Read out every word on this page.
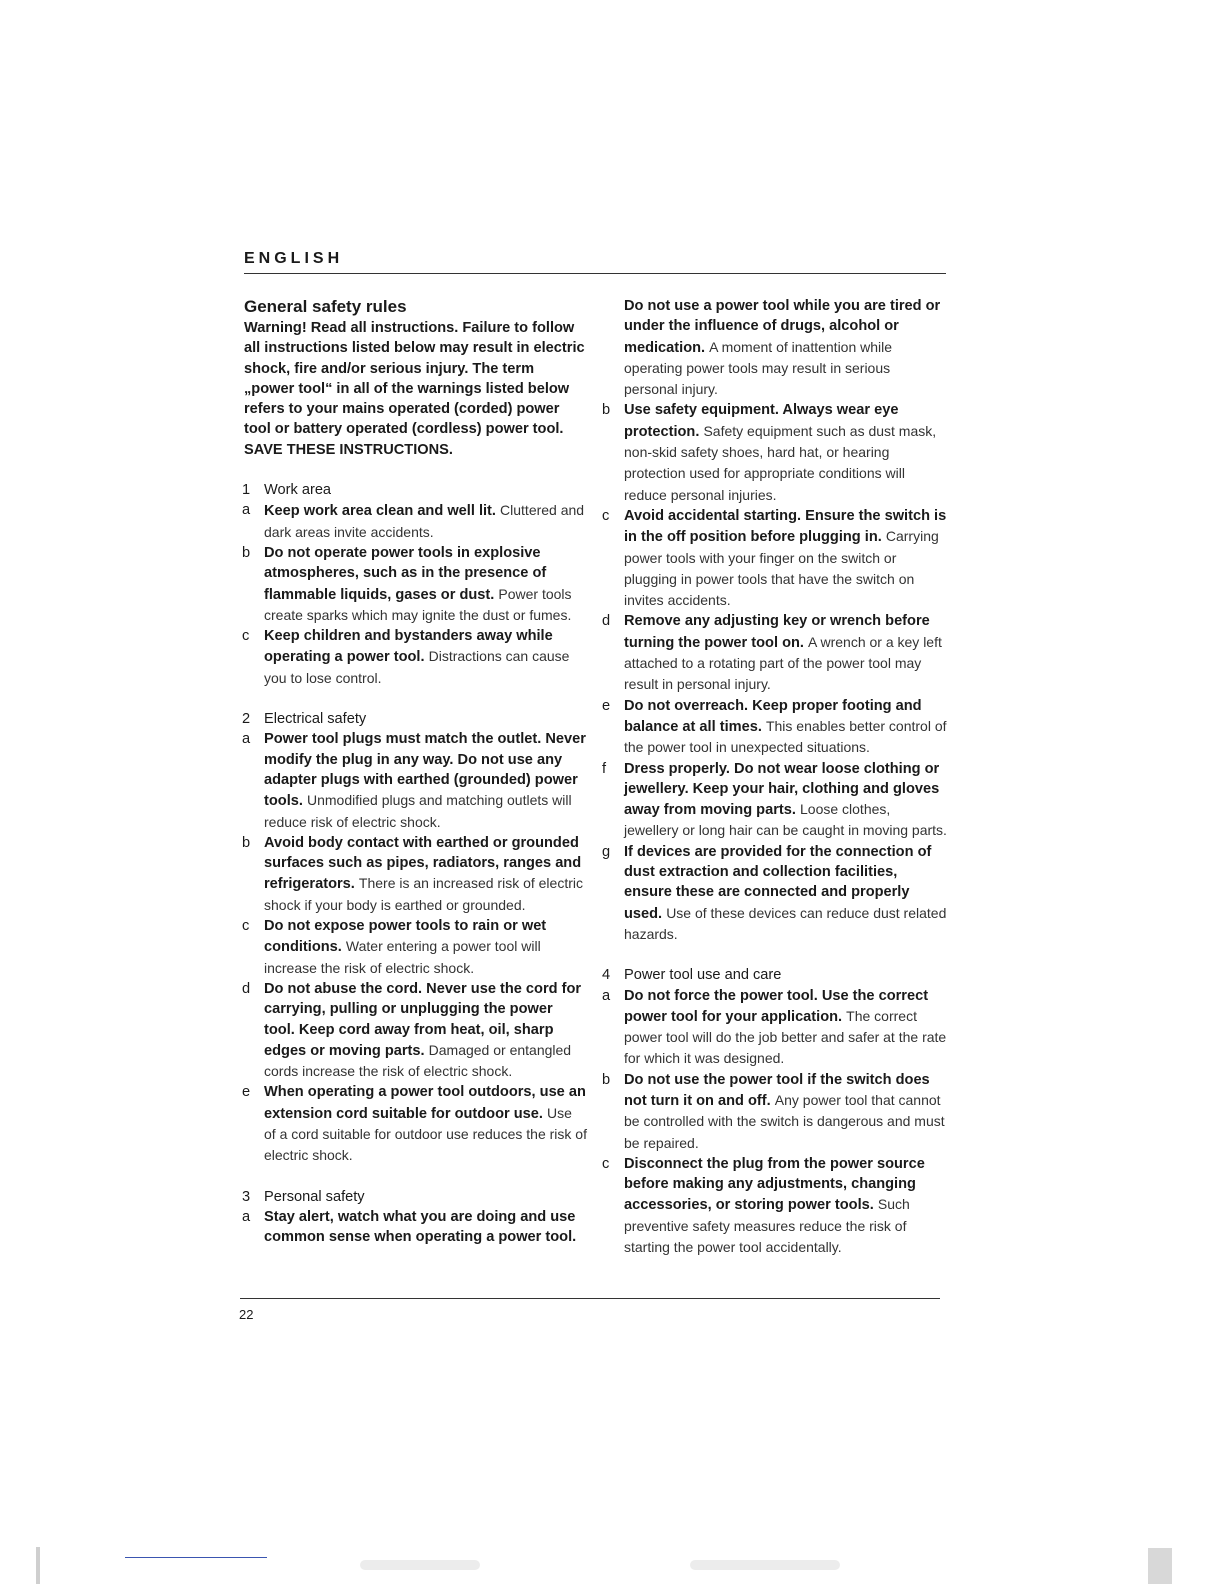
ENGLISH
General safety rules
Warning! Read all instructions. Failure to follow all instructions listed below may result in electric shock, fire and/or serious injury. The term „power tool“ in all of the warnings listed below refers to your mains operated (corded) power tool or battery operated (cordless) power tool.
SAVE THESE INSTRUCTIONS.
1 Work area
a Keep work area clean and well lit. Cluttered and dark areas invite accidents.
b Do not operate power tools in explosive atmospheres, such as in the presence of flammable liquids, gases or dust. Power tools create sparks which may ignite the dust or fumes.
c	Keep children and bystanders away while operating a power tool. Distractions can cause you to lose control.
2 Electrical safety
a Power tool plugs must match the outlet. Never modify the plug in any way. Do not use any adapter plugs with earthed (grounded) power tools. Unmodified plugs and matching outlets will reduce risk of electric shock.
b Avoid body contact with earthed or grounded surfaces such as pipes, radiators, ranges and refrigerators. There is an increased risk of electric shock if your body is earthed or grounded.
c	Do not expose power tools to rain or wet conditions. Water entering a power tool will increase the risk of electric shock.
d Do not abuse the cord. Never use the cord for carrying, pulling or unplugging the power tool. Keep cord away from heat, oil, sharp edges or moving parts. Damaged or entangled cords increase the risk of electric shock.
e When operating a power tool outdoors, use an extension cord suitable for outdoor use. Use of a cord suitable for outdoor use reduces the risk of electric shock.
3 Personal safety
a Stay alert, watch what you are doing and use common sense when operating a power tool.
Do not use a power tool while you are tired or under the influence of drugs, alcohol or medication. A moment of inattention while operating power tools may result in serious personal injury.
b Use safety equipment. Always wear eye protection. Safety equipment such as dust mask, non-skid safety shoes, hard hat, or hearing protection used for appropriate conditions will reduce personal injuries.
c	Avoid accidental starting. Ensure the switch is in the off position before plugging in. Carrying power tools with your finger on the switch or plugging in power tools that have the switch on invites accidents.
d Remove any adjusting key or wrench before turning the power tool on. A wrench or a key left attached to a rotating part of the power tool may result in personal injury.
e Do not overreach. Keep proper footing and balance at all times. This enables better control of the power tool in unexpected situations.
f	Dress properly. Do not wear loose clothing or jewellery. Keep your hair, clothing and gloves away from moving parts. Loose clothes, jewellery or long hair can be caught in moving parts.
g If devices are provided for the connection of dust extraction and collection facilities, ensure these are connected and properly used. Use of these devices can reduce dust related hazards.
4 Power tool use and care
a Do not force the power tool. Use the correct power tool for your application. The correct power tool will do the job better and safer at the rate for which it was designed.
b Do not use the power tool if the switch does not turn it on and off. Any power tool that cannot be controlled with the switch is dangerous and must be repaired.
c	Disconnect the plug from the power source before making any adjustments, changing accessories, or storing power tools. Such preventive safety measures reduce the risk of starting the power tool accidentally.
22
